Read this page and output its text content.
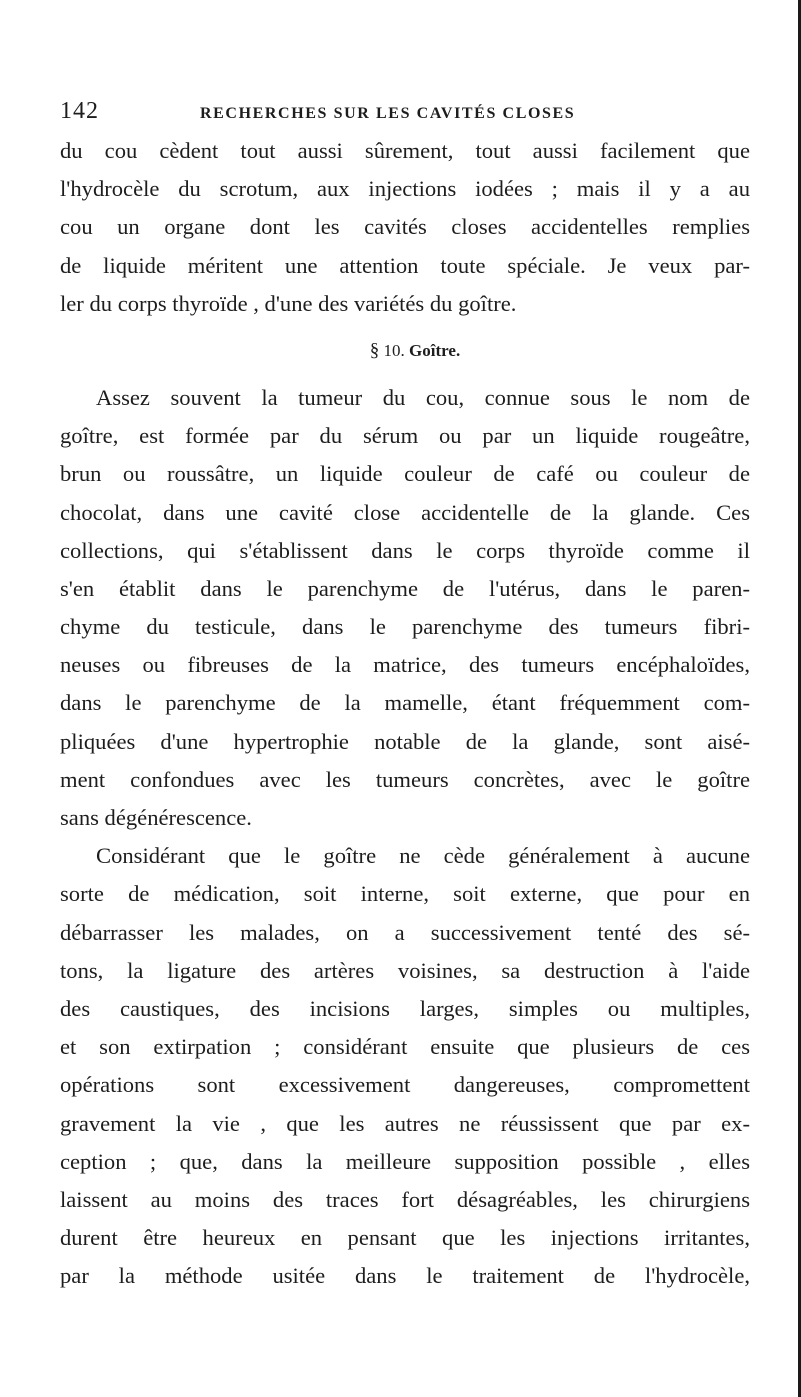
142	RECHERCHES SUR LES CAVITÉS CLOSES
du cou cèdent tout aussi sûrement, tout aussi facilement que
l'hydrocèle du scrotum, aux injections iodées ; mais il y a au
cou un organe dont les cavités closes accidentelles remplies
de liquide méritent une attention toute spéciale. Je veux par-
ler du corps thyroïde , d'une des variétés du goître.
§ 10. Goître.
Assez souvent la tumeur du cou, connue sous le nom de
goître, est formée par du sérum ou par un liquide rougeâtre,
brun ou roussâtre, un liquide couleur de café ou couleur de
chocolat, dans une cavité close accidentelle de la glande. Ces
collections, qui s'établissent dans le corps thyroïde comme il
s'en établit dans le parenchyme de l'utérus, dans le paren-
chyme du testicule, dans le parenchyme des tumeurs fibri-
neuses ou fibreuses de la matrice, des tumeurs encéphaloïdes,
dans le parenchyme de la mamelle, étant fréquemment com-
pliquées d'une hypertrophie notable de la glande, sont aisé-
ment confondues avec les tumeurs concrètes, avec le goître
sans dégénérescence.
Considérant que le goître ne cède généralement à aucune
sorte de médication, soit interne, soit externe, que pour en
débarrasser les malades, on a successivement tenté des sé-
tons, la ligature des artères voisines, sa destruction à l'aide
des caustiques, des incisions larges, simples ou multiples,
et son extirpation ; considérant ensuite que plusieurs de ces
opérations sont excessivement dangereuses, compromettent
gravement la vie , que les autres ne réussissent que par ex-
ception ; que, dans la meilleure supposition possible , elles
laissent au moins des traces fort désagréables, les chirurgiens
durent être heureux en pensant que les injections irritantes,
par la méthode usitée dans le traitement de l'hydrocèle,
